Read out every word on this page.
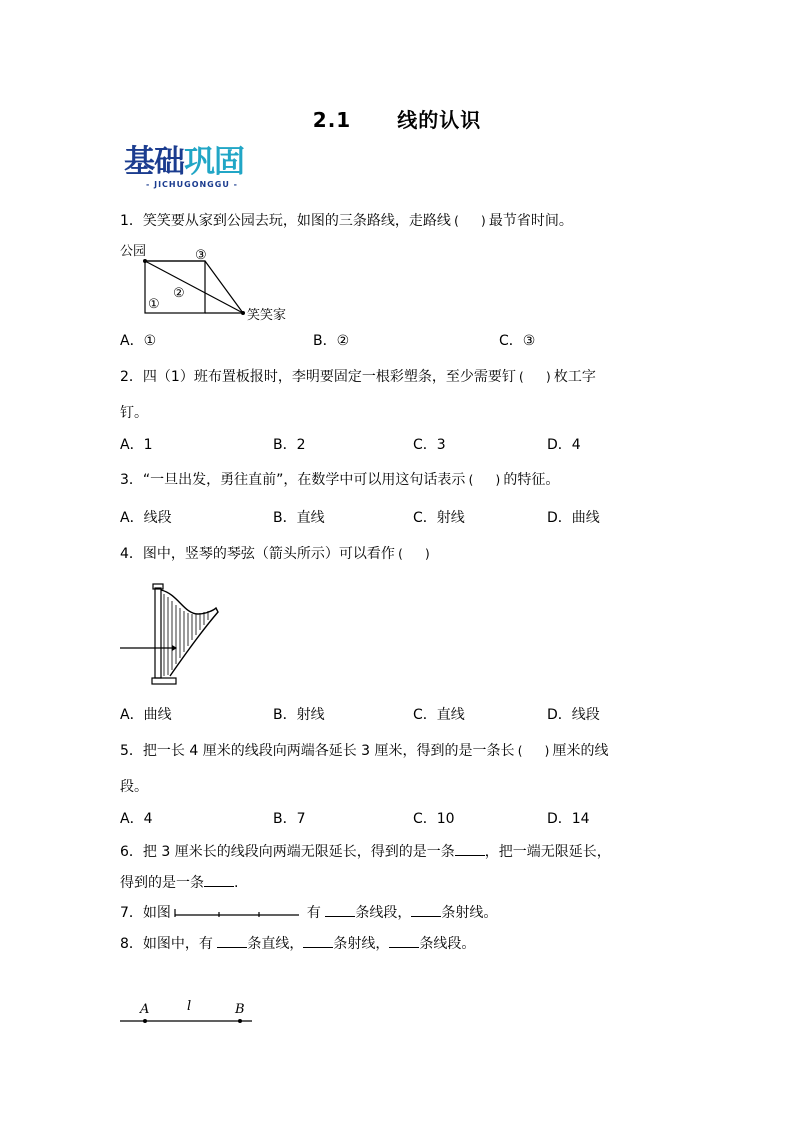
2.1 线的认识
基础巩固
- JICHUGONGGU -
1．笑笑要从家到公园去玩，如图的三条路线，走路线 ( ) 最节省时间。
公园	③
②
①
笑笑家
A．①	B．②	C．③
2．四（1）班布置板报时，李明要固定一根彩塑条，至少需要钉 ( ) 枚工字
钉。
A．1	B．2	C．3	D．4
3．“一旦出发，勇往直前”，在数学中可以用这句话表示 ( ) 的特征。
A．线段	B．直线	C．射线	D．曲线
4．图中，竖琴的琴弦（箭头所示）可以看作 ( )
A．曲线	B．射线	C．直线	D．线段
5．把一长 4 厘米的线段向两端各延长 3 厘米，得到的是一条长 ( ) 厘米的线
段。
A．4	B．7	C．10	D．14
6．把 3 厘米长的线段向两端无限延长，得到的是一条 ，把一端无限延长，
得到的是一条 .
7．如图	有 条线段， 条射线。
8．如图中，有 条直线， 条射线， 条线段。
A	l	B
